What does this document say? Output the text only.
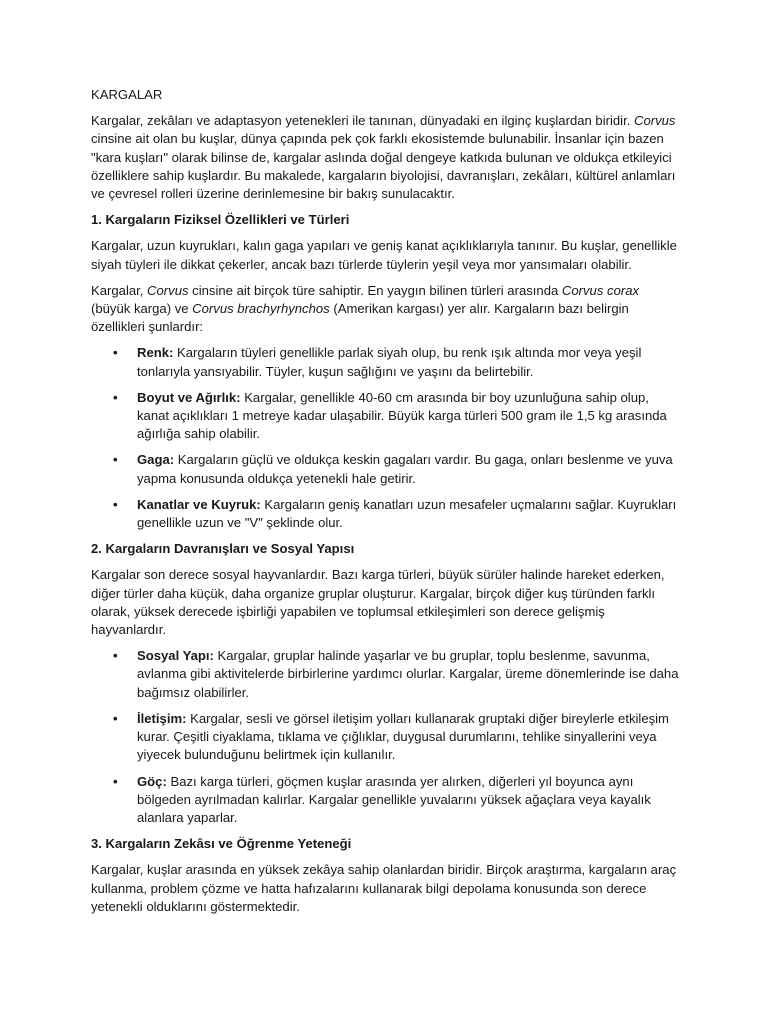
KARGALAR

Kargalar, zekâları ve adaptasyon yetenekleri ile tanınan, dünyadaki en ilginç kuşlardan biridir. Corvus cinsine ait olan bu kuşlar, dünya çapında pek çok farklı ekosistemde bulunabilir. İnsanlar için bazen "kara kuşları" olarak bilinse de, kargalar aslında doğal dengeye katkıda bulunan ve oldukça etkileyici özelliklere sahip kuşlardır. Bu makalede, kargaların biyolojisi, davranışları, zekâları, kültürel anlamları ve çevresel rolleri üzerine derinlemesine bir bakış sunulacaktır.

1. Kargaların Fiziksel Özellikleri ve Türleri

Kargalar, uzun kuyrukları, kalın gaga yapıları ve geniş kanat açıklıklarıyla tanınır. Bu kuşlar, genellikle siyah tüyleri ile dikkat çekerler, ancak bazı türlerde tüylerin yeşil veya mor yansımaları olabilir.

Kargalar, Corvus cinsine ait birçok türe sahiptir. En yaygın bilinen türleri arasında Corvus corax (büyük karga) ve Corvus brachyrhynchos (Amerikan kargası) yer alır. Kargaların bazı belirgin özellikleri şunlardır:

• Renk: Kargaların tüyleri genellikle parlak siyah olup, bu renk ışık altında mor veya yeşil tonlarıyla yansıyabilir. Tüyler, kuşun sağlığını ve yaşını da belirtebilir.
• Boyut ve Ağırlık: Kargalar, genellikle 40-60 cm arasında bir boy uzunluğuna sahip olup, kanat açıklıkları 1 metreye kadar ulaşabilir. Büyük karga türleri 500 gram ile 1,5 kg arasında ağırlığa sahip olabilir.
• Gaga: Kargaların güçlü ve oldukça keskin gagaları vardır. Bu gaga, onları beslenme ve yuva yapma konusunda oldukça yetenekli hale getirir.
• Kanatlar ve Kuyruk: Kargaların geniş kanatları uzun mesafeler uçmalarını sağlar. Kuyrukları genellikle uzun ve "V" şeklinde olur.
2. Kargaların Davranışları ve Sosyal Yapısı

Kargalar son derece sosyal hayvanlardır. Bazı karga türleri, büyük sürüler halinde hareket ederken, diğer türler daha küçük, daha organize gruplar oluşturur. Kargalar, birçok diğer kuş türünden farklı olarak, yüksek derecede işbirliği yapabilen ve toplumsal etkileşimleri son derece gelişmiş hayvanlardır.

• Sosyal Yapı: Kargalar, gruplar halinde yaşarlar ve bu gruplar, toplu beslenme, savunma, avlanma gibi aktivitelerde birbirlerine yardımcı olurlar. Kargalar, üreme dönemlerinde ise daha bağımsız olabilirler.
• İletişim: Kargalar, sesli ve görsel iletişim yolları kullanarak gruptaki diğer bireylerle etkileşim kurar. Çeşitli ciyaklama, tıklama ve çığlıklar, duygusal durumlarını, tehlike sinyallerini veya yiyecek bulunduğunu belirtmek için kullanılır.
• Göç: Bazı karga türleri, göçmen kuşlar arasında yer alırken, diğerleri yıl boyunca aynı bölgeden ayrılmadan kalırlar. Kargalar genellikle yuvalarını yüksek ağaçlara veya kayalık alanlara yaparlar.
3. Kargaların Zekâsı ve Öğrenme Yeteneği

Kargalar, kuşlar arasında en yüksek zekâya sahip olanlardan biridir. Birçok araştırma, kargaların araç kullanma, problem çözme ve hatta hafızalarını kullanarak bilgi depolama konusunda son derece yetenekli olduklarını göstermektedir.
